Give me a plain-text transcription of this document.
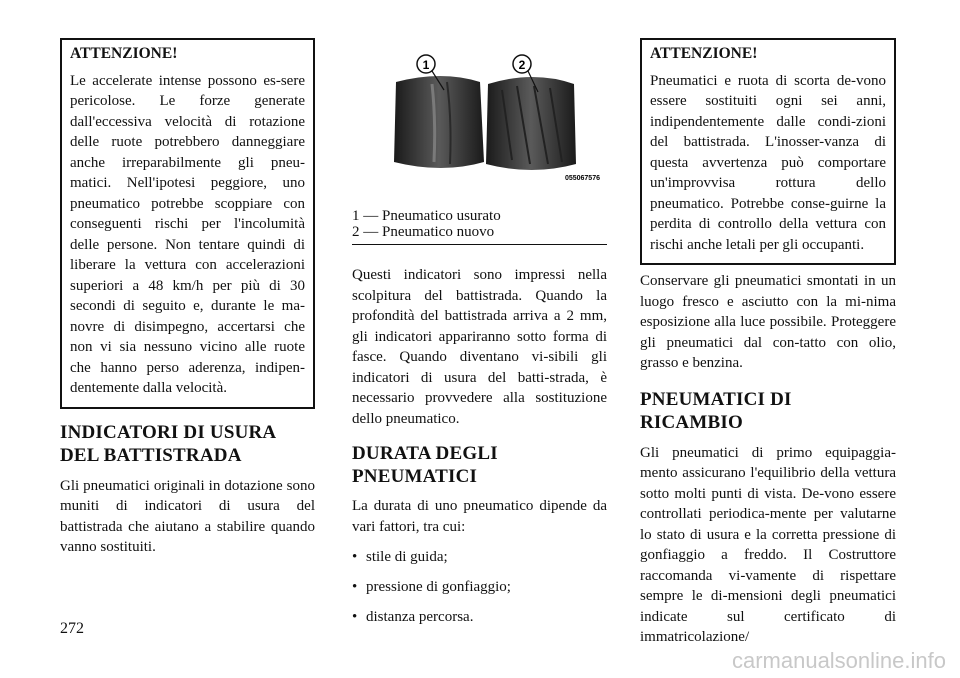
ATTENZIONE!
Le accelerate intense possono es-sere pericolose. Le forze generate dall'eccessiva velocità di rotazione delle ruote potrebbero danneggiare anche irreparabilmente gli pneu-matici. Nell'ipotesi peggiore, uno pneumatico potrebbe scoppiare con conseguenti rischi per l'incolumità delle persone. Non tentare quindi di liberare la vettura con accelerazioni superiori a 48 km/h per più di 30 secondi di seguito e, durante le ma-novre di disimpegno, accertarsi che non vi sia nessuno vicino alle ruote che hanno perso aderenza, indipen-dentemente dalla velocità.
INDICATORI DI USURA
DEL BATTISTRADA

Gli pneumatici originali in dotazione sono muniti di indicatori di usura del battistrada che aiutano a stabilire quando vanno sostituiti.

1	2
055067576
1 — Pneumatico usurato
2 — Pneumatico nuovo

Questi indicatori sono impressi nella scolpitura del battistrada. Quando la profondità del battistrada arriva a 2 mm, gli indicatori appariranno sotto forma di fasce. Quando diventano vi-sibili gli indicatori di usura del batti-strada, è necessario provvedere alla sostituzione dello pneumatico.

DURATA DEGLI
PNEUMATICI

La durata di uno pneumatico dipende da vari fattori, tra cui:

• stile di guida;
• pressione di gonfiaggio;
• distanza percorsa.
ATTENZIONE!
Pneumatici e ruota di scorta de-vono essere sostituiti ogni sei anni, indipendentemente dalle condi-zioni del battistrada. L'inosser-vanza di questa avvertenza può comportare un'improvvisa rottura dello pneumatico. Potrebbe conse-guirne la perdita di controllo della vettura con rischi anche letali per gli occupanti.

Conservare gli pneumatici smontati in un luogo fresco e asciutto con la mi-nima esposizione alla luce possibile. Proteggere gli pneumatici dal con-tatto con olio, grasso e benzina.

PNEUMATICI DI RICAMBIO

Gli pneumatici di primo equipaggia-mento assicurano l'equilibrio della vettura sotto molti punti di vista. De-vono essere controllati periodica-mente per valutarne lo stato di usura e la corretta pressione di gonfiaggio a freddo. Il Costruttore raccomanda vi-vamente di rispettare sempre le di-mensioni degli pneumatici indicate sul certificato di immatricolazione/

272
carmanualsonline.info
